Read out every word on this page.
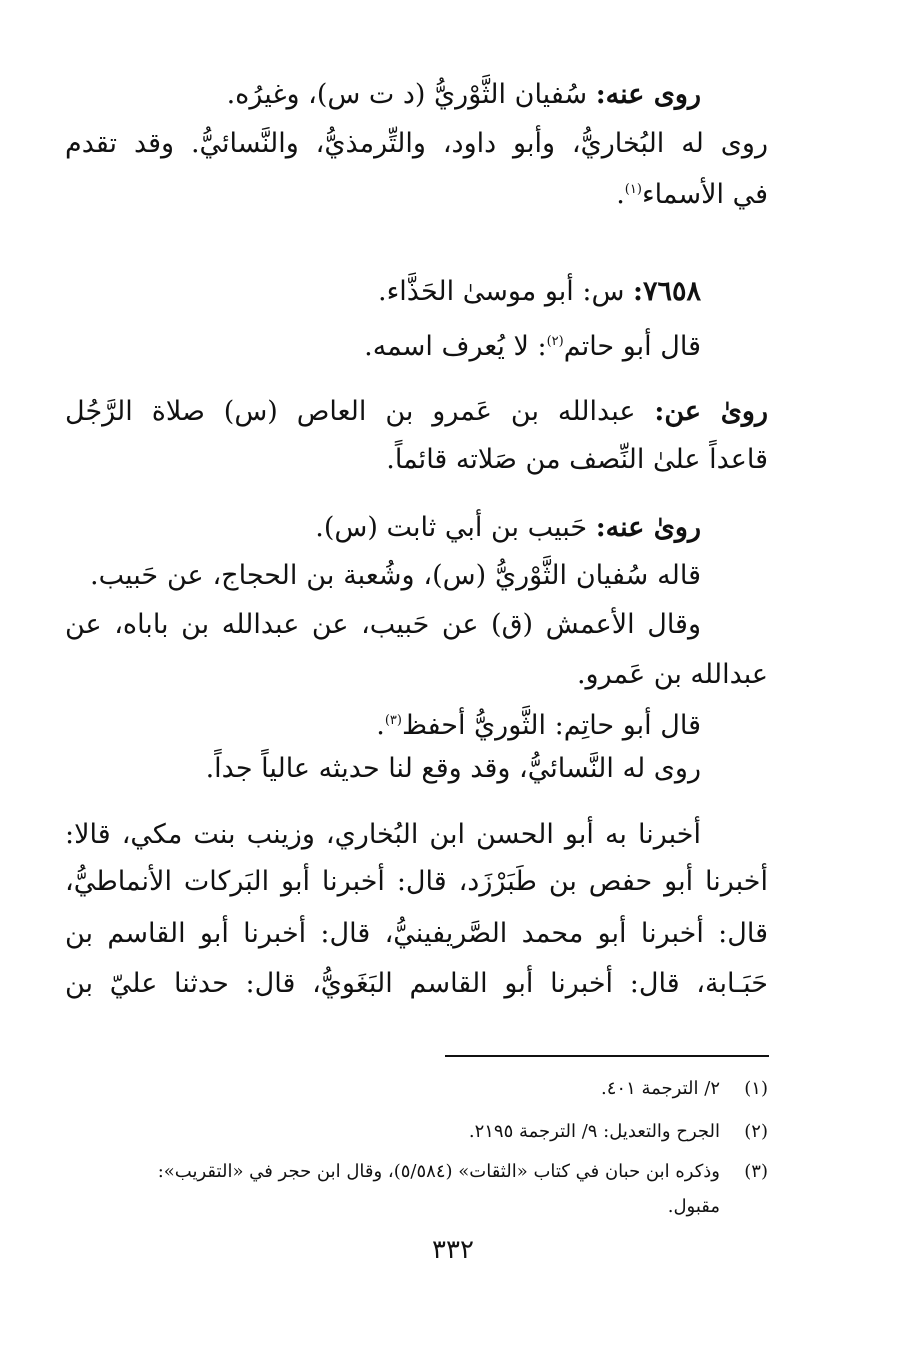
روى عنه: سُفيان الثَّوْريُّ (د ت س)، وغيرُه.
روى له البُخاريُّ، وأبو داود، والتِّرمذيُّ، والنَّسائيُّ. وقد تقدم
في الأسماء$^{(١)}$.
٧٦٥٨: س: أبو موسىٰ الحَذَّاء.
قال أبو حاتم$^{(٢)}$: لا يُعرف اسمه.
روىٰ عن: عبدالله بن عَمرو بن العاص (س) صلاة الرَّجُل
قاعداً علىٰ النِّصف من صَلاته قائماً.
روىٰ عنه: حَبيب بن أبي ثابت (س).
قاله سُفيان الثَّوْريُّ (س)، وشُعبة بن الحجاج، عن حَبيب.
وقال الأعمش (ق) عن حَبيب، عن عبدالله بن باباه، عن
عبدالله بن عَمرو.
قال أبو حاتِم: الثَّوريُّ أحفظ$^{(٣)}$.
روى له النَّسائيُّ، وقد وقع لنا حديثه عالياً جداً.
أخبرنا به أبو الحسن ابن البُخاري، وزينب بنت مكي، قالا:
أخبرنا أبو حفص بن طَبَرْزَد، قال: أخبرنا أبو البَركات الأنماطيُّ،
قال: أخبرنا أبو محمد الصَّريفينيُّ، قال: أخبرنا أبو القاسم بن
حَبَـابة، قال: أخبرنا أبو القاسم البَغَويُّ، قال: حدثنا عليّ بن
(١)٢/ الترجمة ٤٠١.
(٢)الجرح والتعديل: ٩/ الترجمة ٢١٩٥.
(٣)وذكره ابن حبان في كتاب «الثقات» (٥/٥٨٤)، وقال ابن حجر في «التقريب»:
مقبول.
٣٣٢
